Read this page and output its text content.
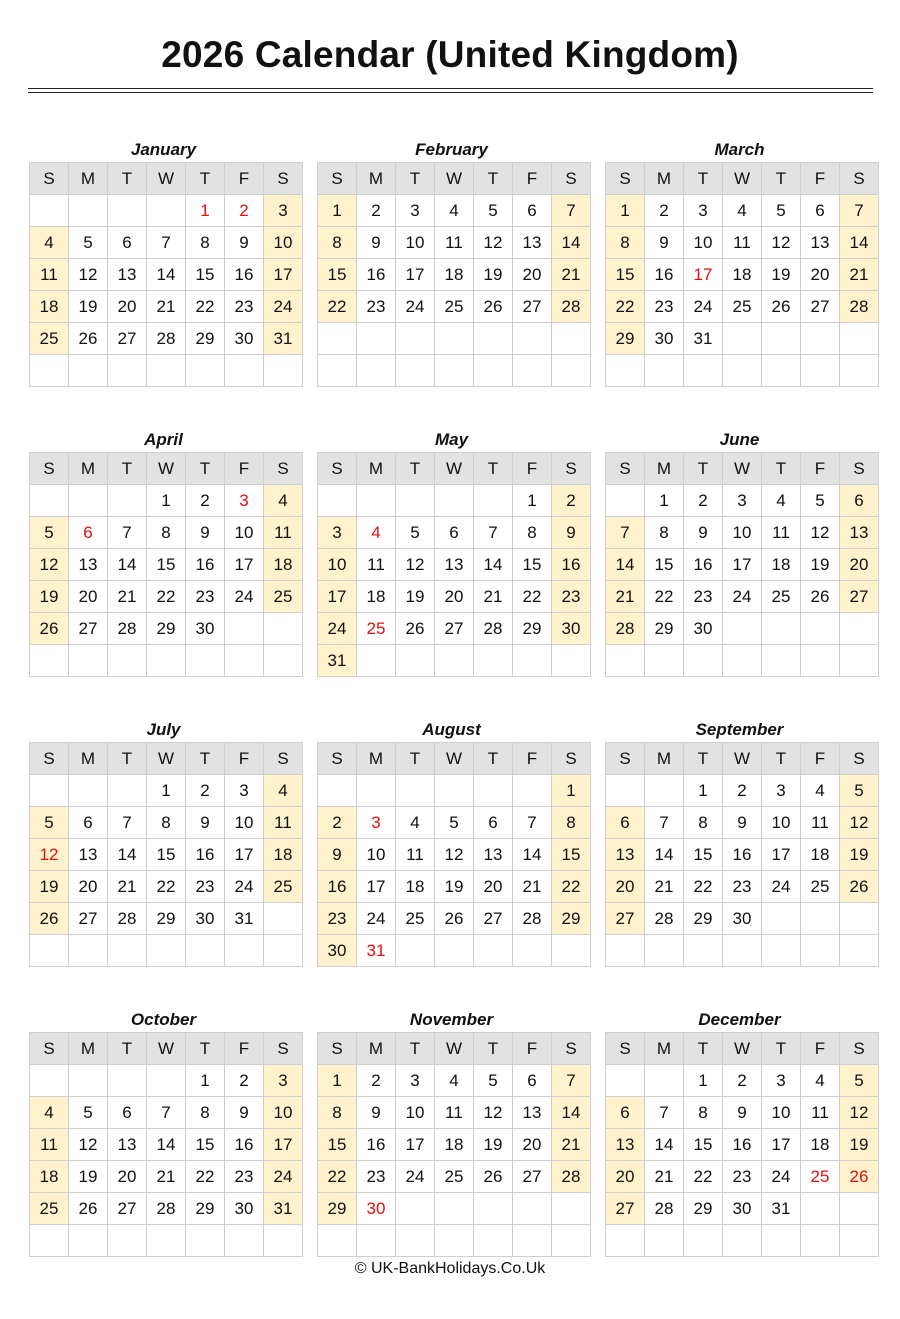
2026 Calendar (United Kingdom)
January
S	M	T	W	T	F	S
				1	2	3
4	5	6	7	8	9	10
11	12	13	14	15	16	17
18	19	20	21	22	23	24
25	26	27	28	29	30	31

February
S	M	T	W	T	F	S
1	2	3	4	5	6	7
8	9	10	11	12	13	14
15	16	17	18	19	20	21
22	23	24	25	26	27	28

March
S	M	T	W	T	F	S
1	2	3	4	5	6	7
8	9	10	11	12	13	14
15	16	17	18	19	20	21
22	23	24	25	26	27	28
29	30	31				

April
S	M	T	W	T	F	S
			1	2	3	4
5	6	7	8	9	10	11
12	13	14	15	16	17	18
19	20	21	22	23	24	25
26	27	28	29	30		

May
S	M	T	W	T	F	S
					1	2
3	4	5	6	7	8	9
10	11	12	13	14	15	16
17	18	19	20	21	22	23
24	25	26	27	28	29	30
31						
June
S	M	T	W	T	F	S
	1	2	3	4	5	6
7	8	9	10	11	12	13
14	15	16	17	18	19	20
21	22	23	24	25	26	27
28	29	30				

July
S	M	T	W	T	F	S
			1	2	3	4
5	6	7	8	9	10	11
12	13	14	15	16	17	18
19	20	21	22	23	24	25
26	27	28	29	30	31	

August
S	M	T	W	T	F	S
						1
2	3	4	5	6	7	8
9	10	11	12	13	14	15
16	17	18	19	20	21	22
23	24	25	26	27	28	29
30	31					
September
S	M	T	W	T	F	S
		1	2	3	4	5
6	7	8	9	10	11	12
13	14	15	16	17	18	19
20	21	22	23	24	25	26
27	28	29	30			

October
S	M	T	W	T	F	S
				1	2	3
4	5	6	7	8	9	10
11	12	13	14	15	16	17
18	19	20	21	22	23	24
25	26	27	28	29	30	31

November
S	M	T	W	T	F	S
1	2	3	4	5	6	7
8	9	10	11	12	13	14
15	16	17	18	19	20	21
22	23	24	25	26	27	28
29	30					

December
S	M	T	W	T	F	S
		1	2	3	4	5
6	7	8	9	10	11	12
13	14	15	16	17	18	19
20	21	22	23	24	25	26
27	28	29	30	31		

© UK-BankHolidays.Co.Uk
